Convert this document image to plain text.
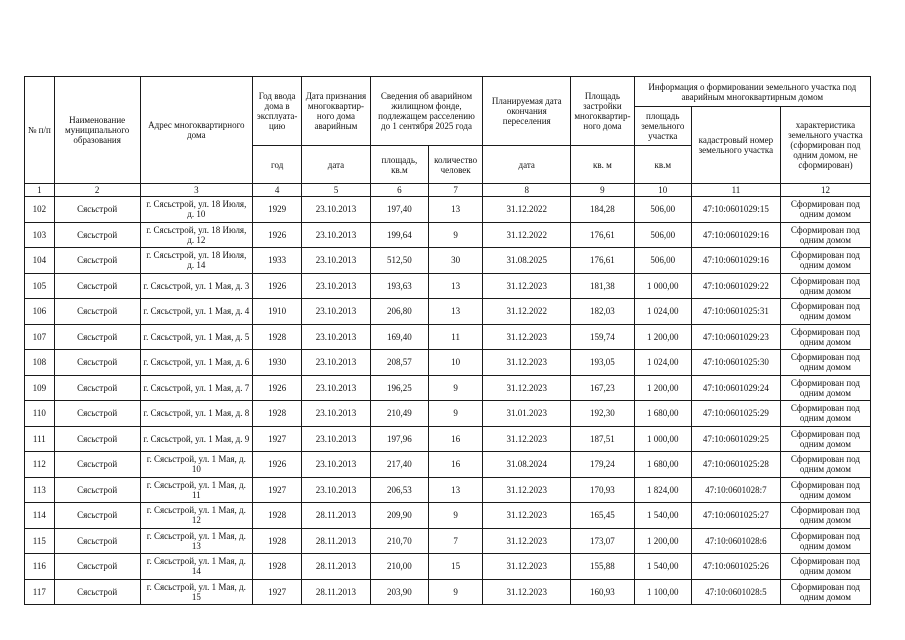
№ п/п	Наименование муниципального образования	Адрес многоквартирного дома	Год ввода дома в эксплуата-цию	Дата признания многоквартир-ного дома аварийным	Сведения об аварийном жилищном фонде, подлежащем расселению до 1 сентября 2025 года		Планируемая дата окончания переселения	Площадь застройки многоквартир-ного дома	Информация о формировании земельного участка под аварийным многоквартирным домом		
									площадь земельного участка	кадастровый номер земельного участка	характеристика земельного участка (сформирован под одним домом, не сформирован)
			год	дата	площадь, кв.м	количество человек	дата	кв. м	кв.м		
1	2	3	4	5	6	7	8	9	10	11	12
102	Сясьстрой	г. Сясьстрой, ул. 18 Июля, д. 10	1929	23.10.2013	197,40	13	31.12.2022	184,28	506,00	47:10:0601029:15	Сформирован под одним домом
103	Сясьстрой	г. Сясьстрой, ул. 18 Июля, д. 12	1926	23.10.2013	199,64	9	31.12.2022	176,61	506,00	47:10:0601029:16	Сформирован под одним домом
104	Сясьстрой	г. Сясьстрой, ул. 18 Июля, д. 14	1933	23.10.2013	512,50	30	31.08.2025	176,61	506,00	47:10:0601029:16	Сформирован под одним домом
105	Сясьстрой	г. Сясьстрой, ул. 1 Мая, д. 3	1926	23.10.2013	193,63	13	31.12.2023	181,38	1 000,00	47:10:0601029:22	Сформирован под одним домом
106	Сясьстрой	г. Сясьстрой, ул. 1 Мая, д. 4	1910	23.10.2013	206,80	13	31.12.2022	182,03	1 024,00	47:10:0601025:31	Сформирован под одним домом
107	Сясьстрой	г. Сясьстрой, ул. 1 Мая, д. 5	1928	23.10.2013	169,40	11	31.12.2023	159,74	1 200,00	47:10:0601029:23	Сформирован под одним домом
108	Сясьстрой	г. Сясьстрой, ул. 1 Мая, д. 6	1930	23.10.2013	208,57	10	31.12.2023	193,05	1 024,00	47:10:0601025:30	Сформирован под одним домом
109	Сясьстрой	г. Сясьстрой, ул. 1 Мая, д. 7	1926	23.10.2013	196,25	9	31.12.2023	167,23	1 200,00	47:10:0601029:24	Сформирован под одним домом
110	Сясьстрой	г. Сясьстрой, ул. 1 Мая, д. 8	1928	23.10.2013	210,49	9	31.01.2023	192,30	1 680,00	47:10:0601025:29	Сформирован под одним домом
111	Сясьстрой	г. Сясьстрой, ул. 1 Мая, д. 9	1927	23.10.2013	197,96	16	31.12.2023	187,51	1 000,00	47:10:0601029:25	Сформирован под одним домом
112	Сясьстрой	г. Сясьстрой, ул. 1 Мая, д. 10	1926	23.10.2013	217,40	16	31.08.2024	179,24	1 680,00	47:10:0601025:28	Сформирован под одним домом
113	Сясьстрой	г. Сясьстрой, ул. 1 Мая, д. 11	1927	23.10.2013	206,53	13	31.12.2023	170,93	1 824,00	47:10:0601028:7	Сформирован под одним домом
114	Сясьстрой	г. Сясьстрой, ул. 1 Мая, д. 12	1928	28.11.2013	209,90	9	31.12.2023	165,45	1 540,00	47:10:0601025:27	Сформирован под одним домом
115	Сясьстрой	г. Сясьстрой, ул. 1 Мая, д. 13	1928	28.11.2013	210,70	7	31.12.2023	173,07	1 200,00	47:10:0601028:6	Сформирован под одним домом
116	Сясьстрой	г. Сясьстрой, ул. 1 Мая, д. 14	1928	28.11.2013	210,00	15	31.12.2023	155,88	1 540,00	47:10:0601025:26	Сформирован под одним домом
117	Сясьстрой	г. Сясьстрой, ул. 1 Мая, д. 15	1927	28.11.2013	203,90	9	31.12.2023	160,93	1 100,00	47:10:0601028:5	Сформирован под одним домом
